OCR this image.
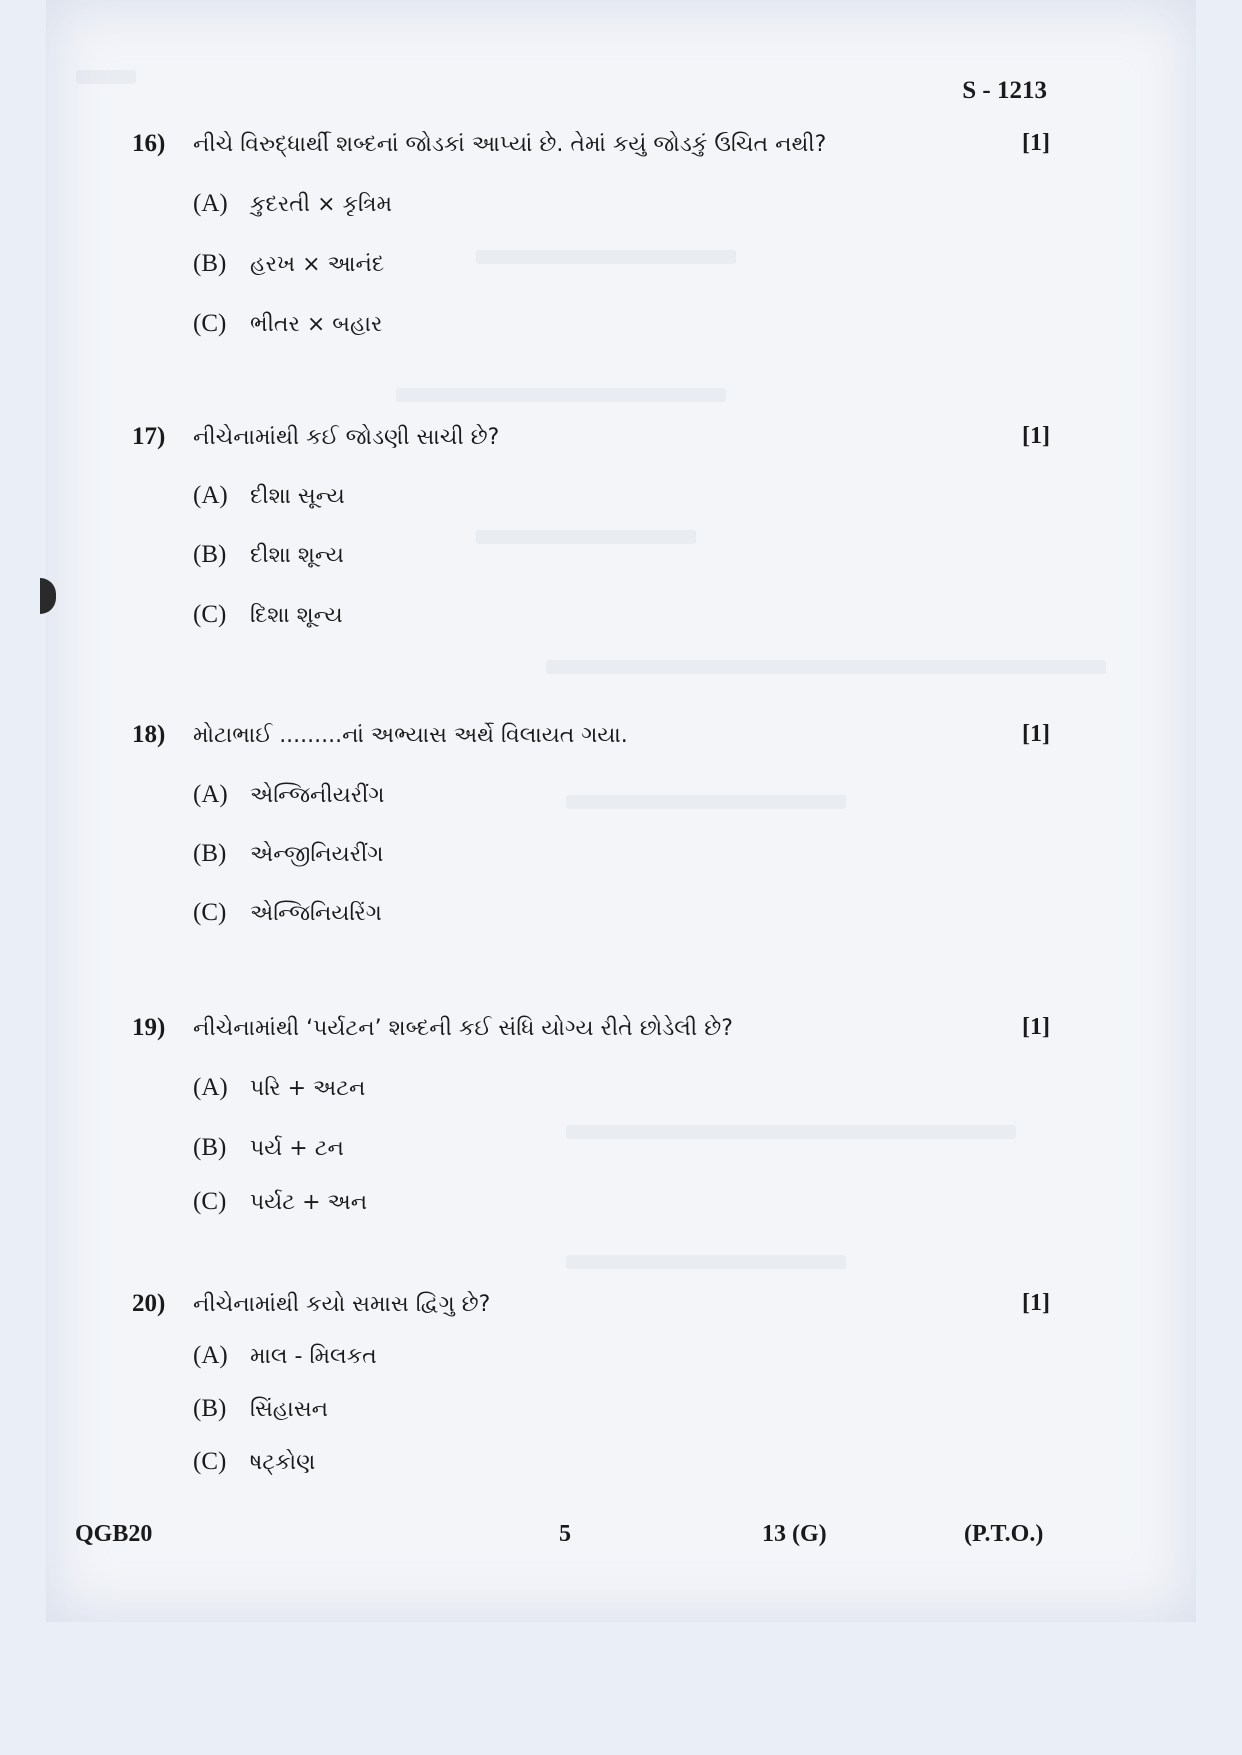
S - 1213
16) નીચે વિરુદ્ધાર્થી શબ્દનાં જોડકાં આપ્યાં છે. તેમાં કયું જોડકું ઉચિત નથી?	[1]
(A) કુદરતી × કૃત્રિમ
(B) હરખ × આનંદ
(C) ભીતર × બહાર
17) નીચેનામાંથી કઈ જોડણી સાચી છે?	[1]
(A) દીશા સૂન્ય
(B) દીશા શૂન્ય
(C) દિશા શૂન્ય
18) મોટાભાઈ .........નાં અભ્યાસ અર્થે વિલાયત ગયા.	[1]
(A) એન્જિનીયરીંગ
(B) એન્જીનિયરીંગ
(C) એન્જિનિયરિંગ
19) નીચેનામાંથી ‘પર્યટન’ શબ્દની કઈ સંધિ યોગ્ય રીતે છોડેલી છે?	[1]
(A) પરિ + અટન
(B) પર્ય + ટન
(C) પર્યટ + અન
20) નીચેનામાંથી કયો સમાસ દ્વિગુ છે?	[1]
(A) માલ - મિલકત
(B) સિંહાસન
(C) ષટ્કોણ
QGB20	5	13 (G)	(P.T.O.)
